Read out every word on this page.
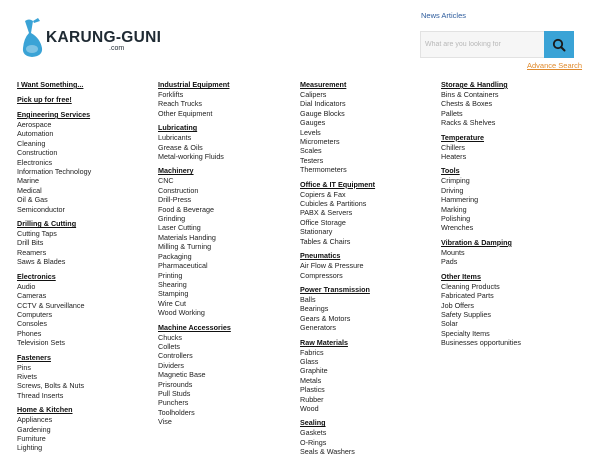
KARUNG-GUNI
.com
News Articles
What are you looking for
Advance Search
I Want Something...
Pick up for free!
Engineering Services
Aerospace
Automation
Cleaning
Construction
Electronics
Information Technology
Marine
Medical
Oil & Gas
Semiconductor
Drilling & Cutting
Cutting Taps
Drill Bits
Reamers
Saws & Blades
Electronics
Audio
Cameras
CCTV & Surveillance
Computers
Consoles
Phones
Television Sets
Fasteners
Pins
Rivets
Screws, Bolts & Nuts
Thread Inserts
Home & Kitchen
Appliances
Gardening
Furniture
Lighting
Industrial Equipment
Forklifts
Reach Trucks
Other Equipment
Lubricating
Lubricants
Grease & Oils
Metal-working Fluids
Machinery
CNC
Construction
Drill-Press
Food & Beverage
Grinding
Laser Cutting
Materials Handing
Milling & Turning
Packaging
Pharmaceutical
Printing
Shearing
Stamping
Wire Cut
Wood Working
Machine Accessories
Chucks
Collets
Controllers
Dividers
Magnetic Base
Prisrounds
Pull Studs
Punchers
Toolholders
Vise
Measurement
Calipers
Dial Indicators
Gauge Blocks
Gauges
Levels
Micrometers
Scales
Testers
Thermometers
Office & IT Equipment
Copiers & Fax
Cubicles & Partitions
PABX & Servers
Office Storage
Stationary
Tables & Chairs
Pneumatics
Air Flow & Pressure
Compressors
Power Transmission
Balls
Bearings
Gears & Motors
Generators
Raw Materials
Fabrics
Glass
Graphite
Metals
Plastics
Rubber
Wood
Sealing
Gaskets
O-Rings
Seals & Washers
Storage & Handling
Bins & Containers
Chests & Boxes
Pallets
Racks & Shelves
Temperature
Chillers
Heaters
Tools
Crimping
Driving
Hammering
Marking
Polishing
Wrenches
Vibration & Damping
Mounts
Pads
Other Items
Cleaning Products
Fabricated Parts
Job Offers
Safety Supplies
Solar
Specialty Items
Businesses opportunities
